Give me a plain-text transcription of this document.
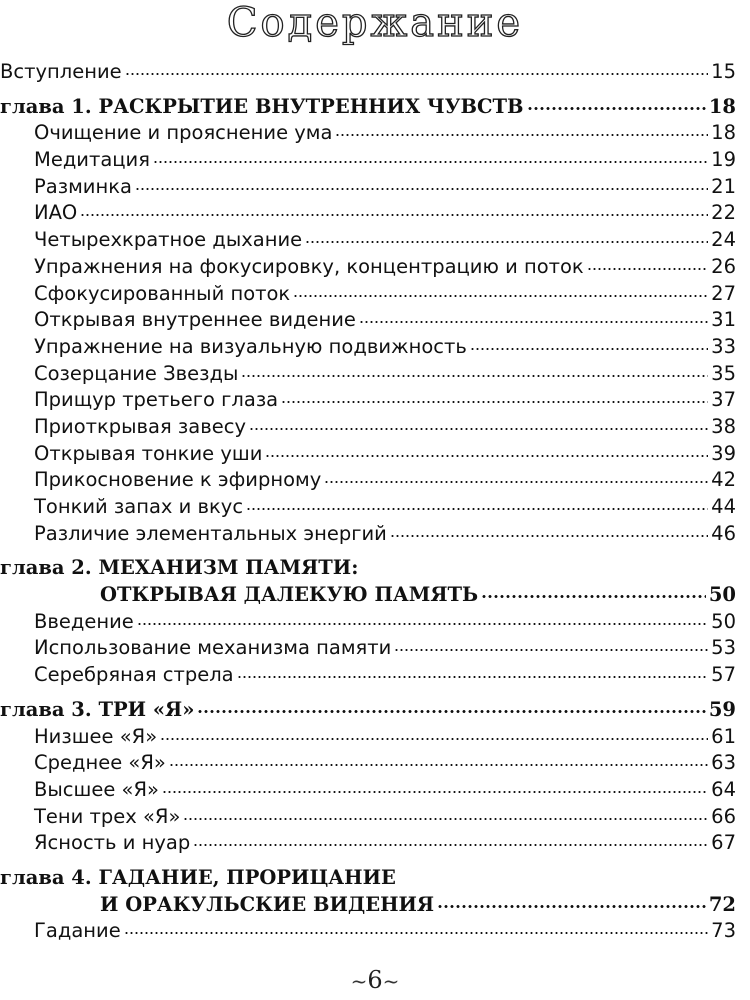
Содержание
Вступление	15
глава 1. РАСКРЫТИЕ ВНУТРЕННИХ ЧУВСТВ	18
Очищение и прояснение ума	18
Медитация	19
Разминка	21
ИАО	22
Четырехкратное дыхание	24
Упражнения на фокусировку, концентрацию и поток	26
Сфокусированный поток	27
Открывая внутреннее видение	31
Упражнение на визуальную подвижность	33
Созерцание Звезды	35
Прищур третьего глаза	37
Приоткрывая завесу	38
Открывая тонкие уши	39
Прикосновение к эфирному	42
Тонкий запах и вкус	44
Различие элементальных энергий	46
глава 2. МЕХАНИЗМ ПАМЯТИ:
ОТКРЫВАЯ ДАЛЕКУЮ ПАМЯТЬ	50
Введение	50
Использование механизма памяти	53
Серебряная стрела	57
глава 3. ТРИ «Я»	59
Низшее «Я»	61
Среднее «Я»	63
Высшее «Я»	64
Тени трех «Я»	66
Ясность и нуар	67
глава 4. ГАДАНИЕ, ПРОРИЦАНИЕ
И ОРАКУЛЬСКИЕ ВИДЕНИЯ	72
Гадание	73
~6~
